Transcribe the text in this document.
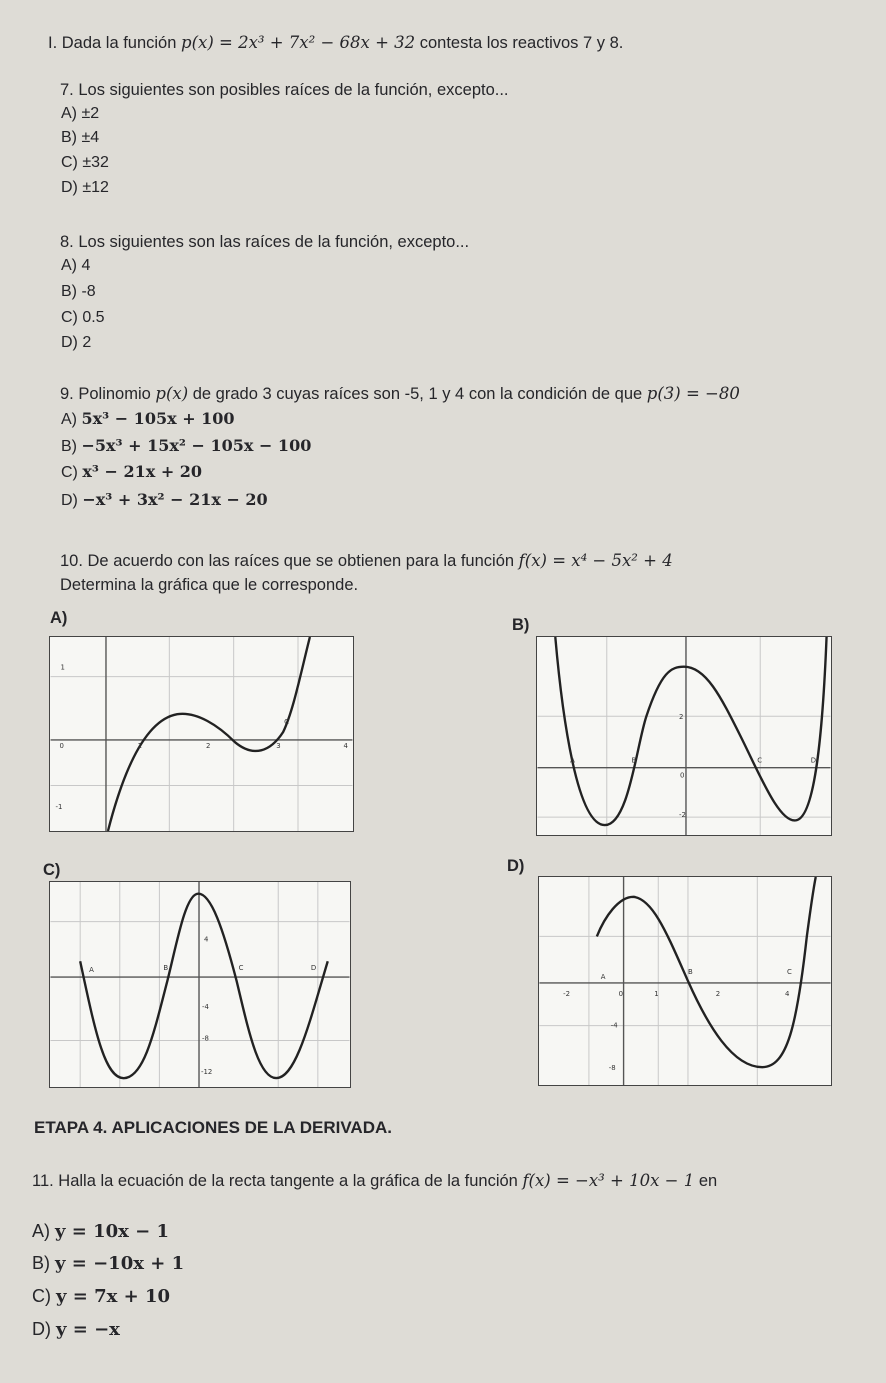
I. Dada la función p(x) = 2x³ + 7x² − 68x + 32 contesta los reactivos 7 y 8.
7. Los siguientes son posibles raíces de la función, excepto...
A) ±2
B) ±4
C) ±32
D) ±12
8. Los siguientes son las raíces de la función, excepto...
A) 4
B) -8
C) 0.5
D) 2
9. Polinomio p(x) de grado 3 cuyas raíces son -5, 1 y 4 con la condición de que p(3) = −80
A) 5x³ − 105x + 100
B) −5x³ + 15x² − 105x − 100
C) x³ − 21x + 20
D) −x³ + 3x² − 21x − 20
10. De acuerdo con las raíces que se obtienen para la función f(x) = x⁴ − 5x² + 4
Determina la gráfica que le corresponde.
A)	B)
C)	D)
1
0	1	2	3	4
-1
C
2
A	B	C	D
0
-2
A	B	C	D
4
-4
-8
-12
A
B	C
-2	0	1	2	4
-4
-8
ETAPA 4. APLICACIONES DE LA DERIVADA.
11. Halla la ecuación de la recta tangente a la gráfica de la función f(x) = −x³ + 10x − 1 en
A) y = 10x − 1
B) y = −10x + 1
C) y = 7x + 10
D) y = −x
